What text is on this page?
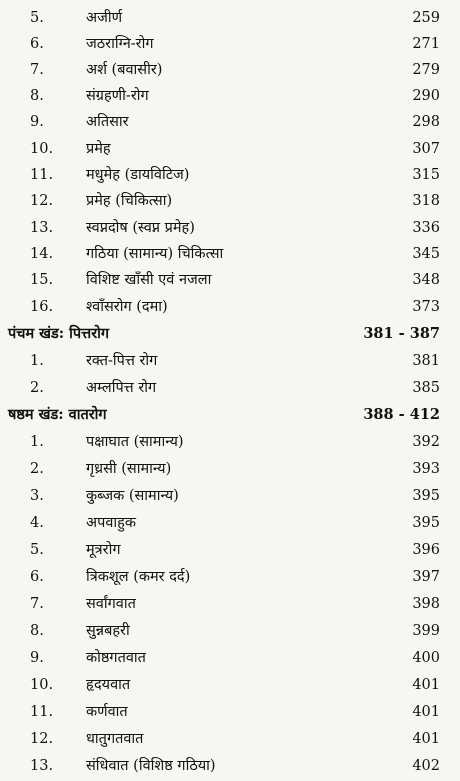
5.	अजीर्ण	259
6.	जठराग्नि-रोग	271
7.	अर्श (बवासीर)	279
8.	संग्रहणी-रोग	290
9.	अतिसार	298
10. प्रमेह	307
11. मधुमेह (डायविटिज)	315
12. प्रमेह (चिकित्सा)	318
13. स्वप्नदोष (स्वप्न प्रमेह)	336
14. गठिया (सामान्य) चिकित्सा	345
15. विशिष्ट खाँसी एवं नजला	348
16. श्वाँसरोग (दमा)	373
पंचम खंड: पित्तरोग	381 - 387
1.	रक्त-पित्त रोग	381
2.	अम्लपित्त रोग	385
षष्ठम खंड: वातरोग	388 - 412
1.	पक्षाघात (सामान्य)	392
2.	गृध्रसी (सामान्य)	393
3.	कुब्जक (सामान्य)	395
4.	अपवाहुक	395
5.	मूत्ररोग	396
6.	त्रिकशूल (कमर दर्द)	397
7.	सर्वांगवात	398
8.	सुन्नबहरी	399
9.	कोष्ठगतवात	400
10. हृदयवात	401
11. कर्णवात	401
12. धातुगतवात	401
13. संधिवात (विशिष्ठ गठिया)	402
